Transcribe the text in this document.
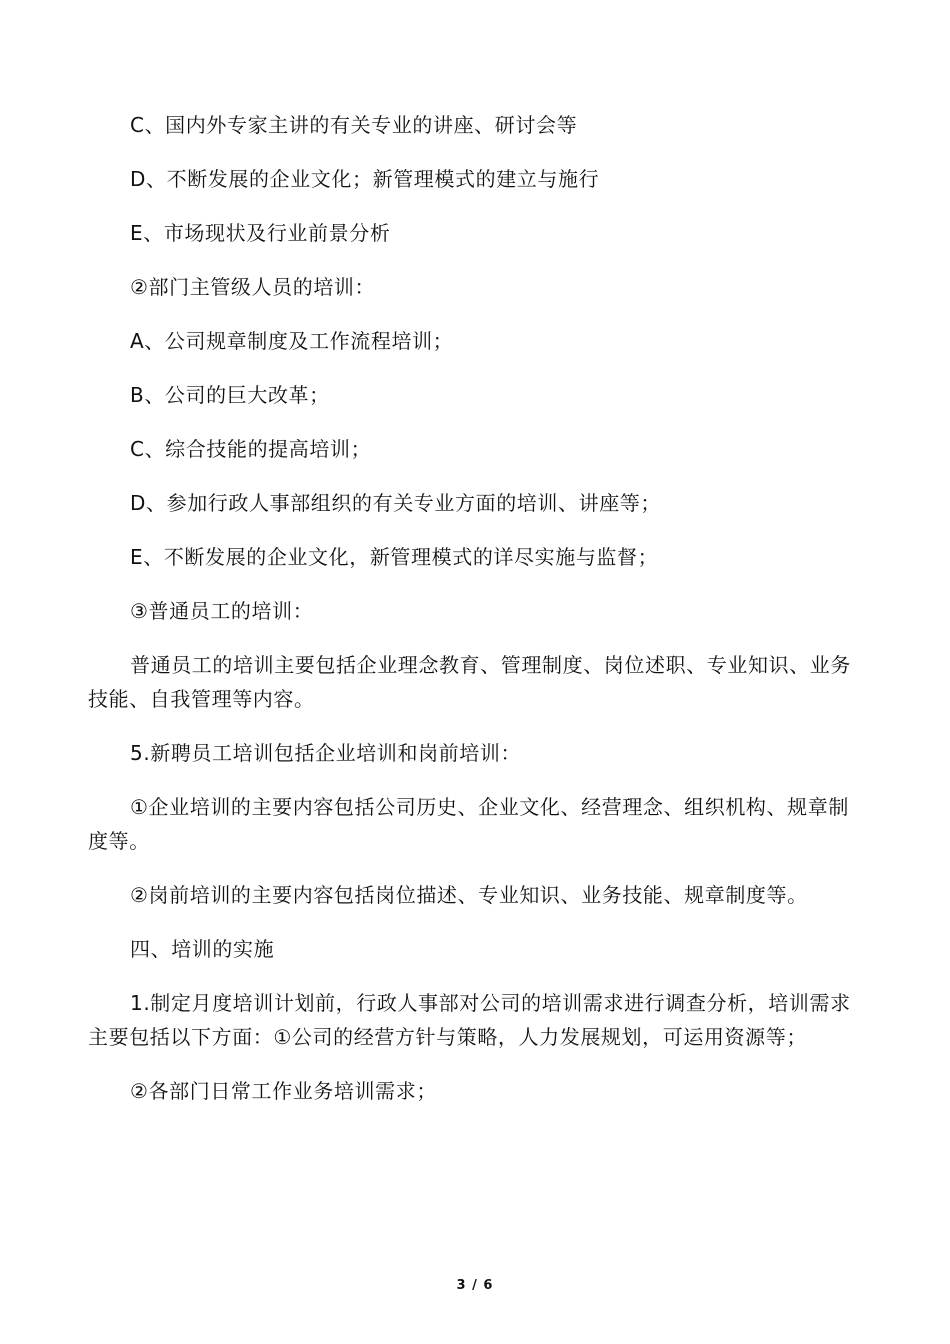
C、国内外专家主讲的有关专业的讲座、研讨会等

D、不断发展的企业文化；新管理模式的建立与施行

E、市场现状及行业前景分析

②部门主管级人员的培训：

A、公司规章制度及工作流程培训；

B、公司的巨大改革；

C、综合技能的提高培训；

D、参加行政人事部组织的有关专业方面的培训、讲座等；

E、不断发展的企业文化，新管理模式的详尽实施与监督；

③普通员工的培训：

普通员工的培训主要包括企业理念教育、管理制度、岗位述职、专业知识、业务技能、自我管理等内容。

5.新聘员工培训包括企业培训和岗前培训：

①企业培训的主要内容包括公司历史、企业文化、经营理念、组织机构、规章制度等。

②岗前培训的主要内容包括岗位描述、专业知识、业务技能、规章制度等。

四、培训的实施

1.制定月度培训计划前，行政人事部对公司的培训需求进行调查分析，培训需求主要包括以下方面：①公司的经营方针与策略，人力发展规划，可运用资源等；

②各部门日常工作业务培训需求；

3 / 6
